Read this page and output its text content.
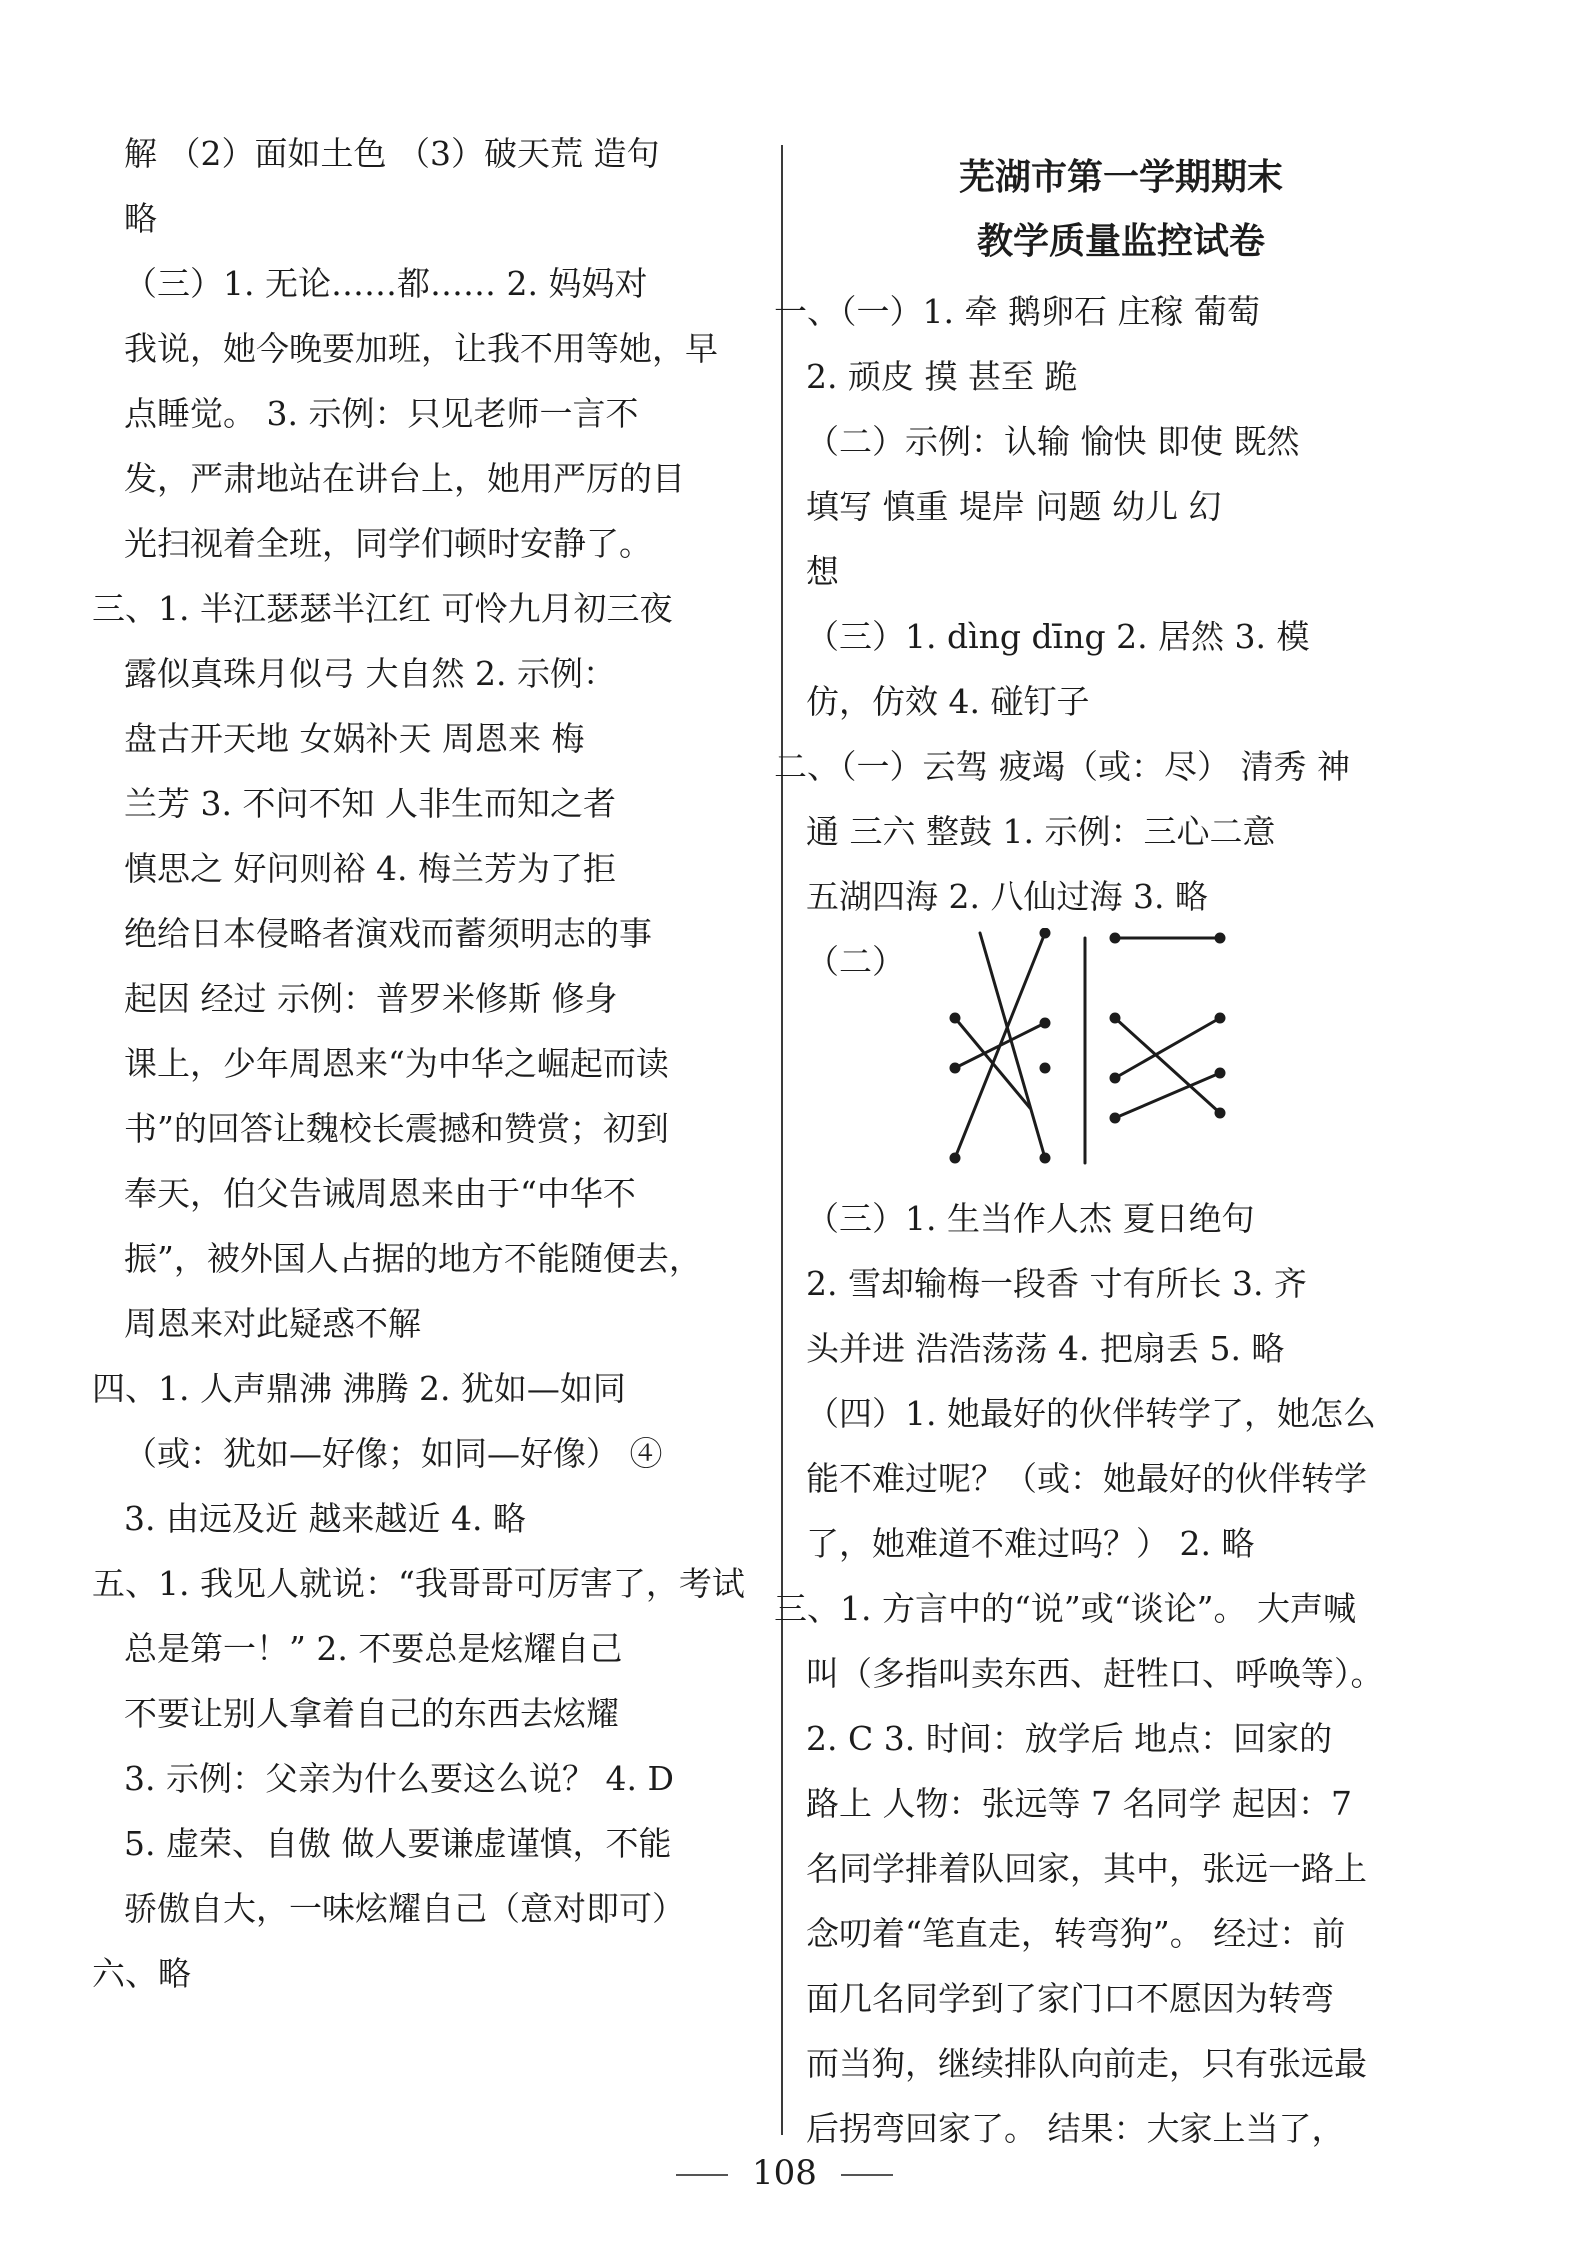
解 （2）面如土色 （3）破天荒 造句
略
（三）1. 无论……都…… 2. 妈妈对
我说，她今晚要加班，让我不用等她，早
点睡觉。 3. 示例：只见老师一言不
发，严肃地站在讲台上，她用严厉的目
光扫视着全班，同学们顿时安静了。
三、1. 半江瑟瑟半江红 可怜九月初三夜
露似真珠月似弓 大自然 2. 示例：
盘古开天地 女娲补天 周恩来 梅
兰芳 3. 不问不知 人非生而知之者
慎思之 好问则裕 4. 梅兰芳为了拒
绝给日本侵略者演戏而蓄须明志的事
起因 经过 示例：普罗米修斯 修身
课上，少年周恩来“为中华之崛起而读
书”的回答让魏校长震撼和赞赏；初到
奉天，伯父告诫周恩来由于“中华不
振”，被外国人占据的地方不能随便去，
周恩来对此疑惑不解
四、1. 人声鼎沸 沸腾 2. 犹如—如同
（或：犹如—好像；如同—好像） ④
3. 由远及近 越来越近 4. 略
五、1. 我见人就说：“我哥哥可厉害了，考试
总是第一！” 2. 不要总是炫耀自己
不要让别人拿着自己的东西去炫耀
3. 示例：父亲为什么要这么说？ 4. D
5. 虚荣、自傲 做人要谦虚谨慎，不能
骄傲自大，一味炫耀自己（意对即可）
六、略
芜湖市第一学期期末
教学质量监控试卷
一、（一）1. 牵 鹅卵石 庄稼 葡萄
2. 顽皮 摸 甚至 跪
（二）示例：认输 愉快 即使 既然
填写 慎重 堤岸 问题 幼儿 幻
想
（三）1. dìng dīng 2. 居然 3. 模
仿，仿效 4. 碰钉子
二、（一）云驾 疲竭（或：尽） 清秀 神
通 三六 整鼓 1. 示例：三心二意
五湖四海 2. 八仙过海 3. 略
（二）
（三）1. 生当作人杰 夏日绝句
2. 雪却输梅一段香 寸有所长 3. 齐
头并进 浩浩荡荡 4. 把扇丢 5. 略
（四）1. 她最好的伙伴转学了，她怎么
能不难过呢？（或：她最好的伙伴转学
了，她难道不难过吗？） 2. 略
三、1. 方言中的“说”或“谈论”。 大声喊
叫（多指叫卖东西、赶牲口、呼唤等）。
2. C 3. 时间：放学后 地点：回家的
路上 人物：张远等 7 名同学 起因：7
名同学排着队回家，其中，张远一路上
念叨着“笔直走，转弯狗”。 经过：前
面几名同学到了家门口不愿因为转弯
而当狗，继续排队向前走，只有张远最
后拐弯回家了。 结果：大家上当了，
108
